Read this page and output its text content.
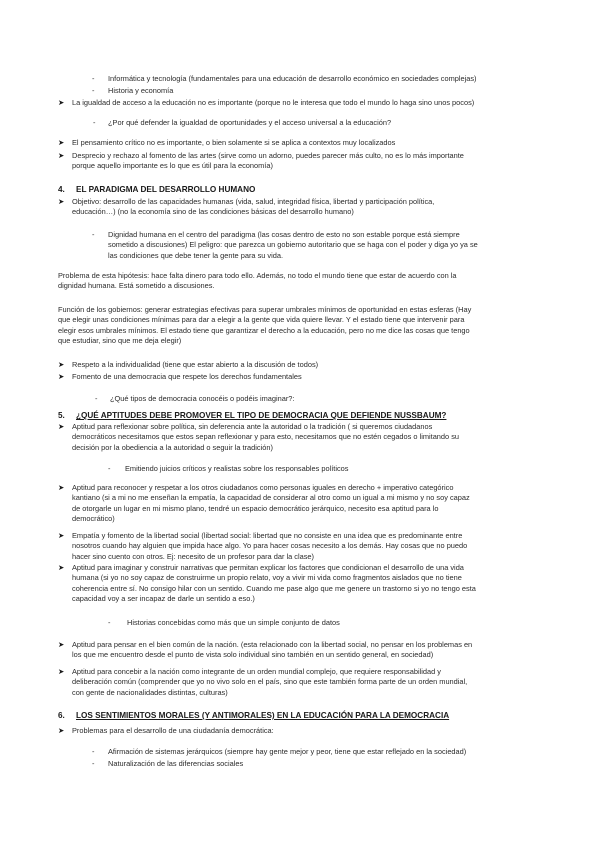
- Informática y tecnología (fundamentales para una educación de desarrollo económico en sociedades complejas)
- Historia y economía
➤ La igualdad de acceso a la educación no es importante (porque no le interesa que todo el mundo lo haga sino unos pocos)
- ¿Por qué defender la igualdad de oportunidades y el acceso universal a la educación?
➤ El pensamiento crítico no es importante, o bien solamente si se aplica a contextos muy localizados
➤ Desprecio y rechazo al fomento de las artes (sirve como un adorno, puedes parecer más culto, no es lo más importante
porque aquello importante es lo que es útil para la economía)
4. EL PARADIGMA DEL DESARROLLO HUMANO
➤ Objetivo: desarrollo de las capacidades humanas (vida, salud, integridad física, libertad y participación política,
educación…) (no la economía sino de las condiciones básicas del desarrollo humano)
- Dignidad humana en el centro del paradigma (las cosas dentro de esto no son estable porque está siempre
sometido a discusiones) El peligro: que parezca un gobierno autoritario que se haga con el poder y diga yo ya se
las condiciones que debe tener la gente para su vida.
Problema de esta hipótesis: hace falta dinero para todo ello. Además, no todo el mundo tiene que estar de acuerdo con la
dignidad humana. Está sometido a discusiones.
Función de los gobiernos: generar estrategias efectivas para superar umbrales mínimos de oportunidad en estas esferas (Hay
que elegir unas condiciones mínimas para dar a elegir a la gente que vida quiere llevar. Y el estado tiene que intervenir para
elegir esos umbrales mínimos. El estado tiene que garantizar el derecho a la educación, pero no me dice las cosas que tengo
que estudiar, sino que me deja elegir)
➤ Respeto a la individualidad (tiene que estar abierto a la discusión de todos)
➤ Fomento de una democracia que respete los derechos fundamentales
- ¿Qué tipos de democracia conocéis o podéis imaginar?:
5. ¿QUÉ APTITUDES DEBE PROMOVER EL TIPO DE DEMOCRACIA QUE DEFIENDE NUSSBAUM?
➤ Aptitud para reflexionar sobre política, sin deferencia ante la autoridad o la tradición ( si queremos ciudadanos
democráticos necesitamos que estos sepan reflexionar y para esto, necesitamos que no estén cegados o limitando su
decisión por la obediencia a la autoridad o seguir la tradición)
- Emitiendo juicios críticos y realistas sobre los responsables políticos
➤ Aptitud para reconocer y respetar a los otros ciudadanos como personas iguales en derecho + imperativo categórico
kantiano (si a mi no me enseñan la empatía, la capacidad de considerar al otro como un igual a mi mismo y no soy capaz
de otorgarle un lugar en mi mismo plano, tendré un espacio democrático jerárquico, necesito esa aptitud para lo
democrático)
➤ Empatía y fomento de la libertad social (libertad social: libertad que no consiste en una idea que es predominante entre
nosotros cuando hay alguien que impida hace algo. Yo para hacer cosas necesito a los demás. Hay cosas que no puedo
hacer sino cuento con otros. Ej: necesito de un profesor para dar la clase)
➤ Aptitud para imaginar y construir narrativas que permitan explicar los factores que condicionan el desarrollo de una vida
humana (si yo no soy capaz de construirme un propio relato, voy a vivir mi vida como fragmentos aislados que no tiene
coherencia entre sí. No consigo hilar con un sentido. Cuando me pase algo que me genere un trastorno si yo no tengo esta
capacidad voy a ser incapaz de darle un sentido a eso.)
- Historias concebidas como más que un simple conjunto de datos
➤ Aptitud para pensar en el bien común de la nación. (esta relacionado con la libertad social, no pensar en los problemas en
los que me encuentro desde el punto de vista solo individual sino también en un sentido general, en sociedad)
➤ Aptitud para concebir a la nación como integrante de un orden mundial complejo, que requiere responsabilidad y
deliberación común (comprender que yo no vivo solo en el país, sino que este también forma parte de un orden mundial,
con gente de nacionalidades distintas, culturas)
6. LOS SENTIMIENTOS MORALES (Y ANTIMORALES) EN LA EDUCACIÓN PARA LA DEMOCRACIA
➤ Problemas para el desarrollo de una ciudadanía democrática:
- Afirmación de sistemas jerárquicos (siempre hay gente mejor y peor, tiene que estar reflejado en la sociedad)
- Naturalización de las diferencias sociales
